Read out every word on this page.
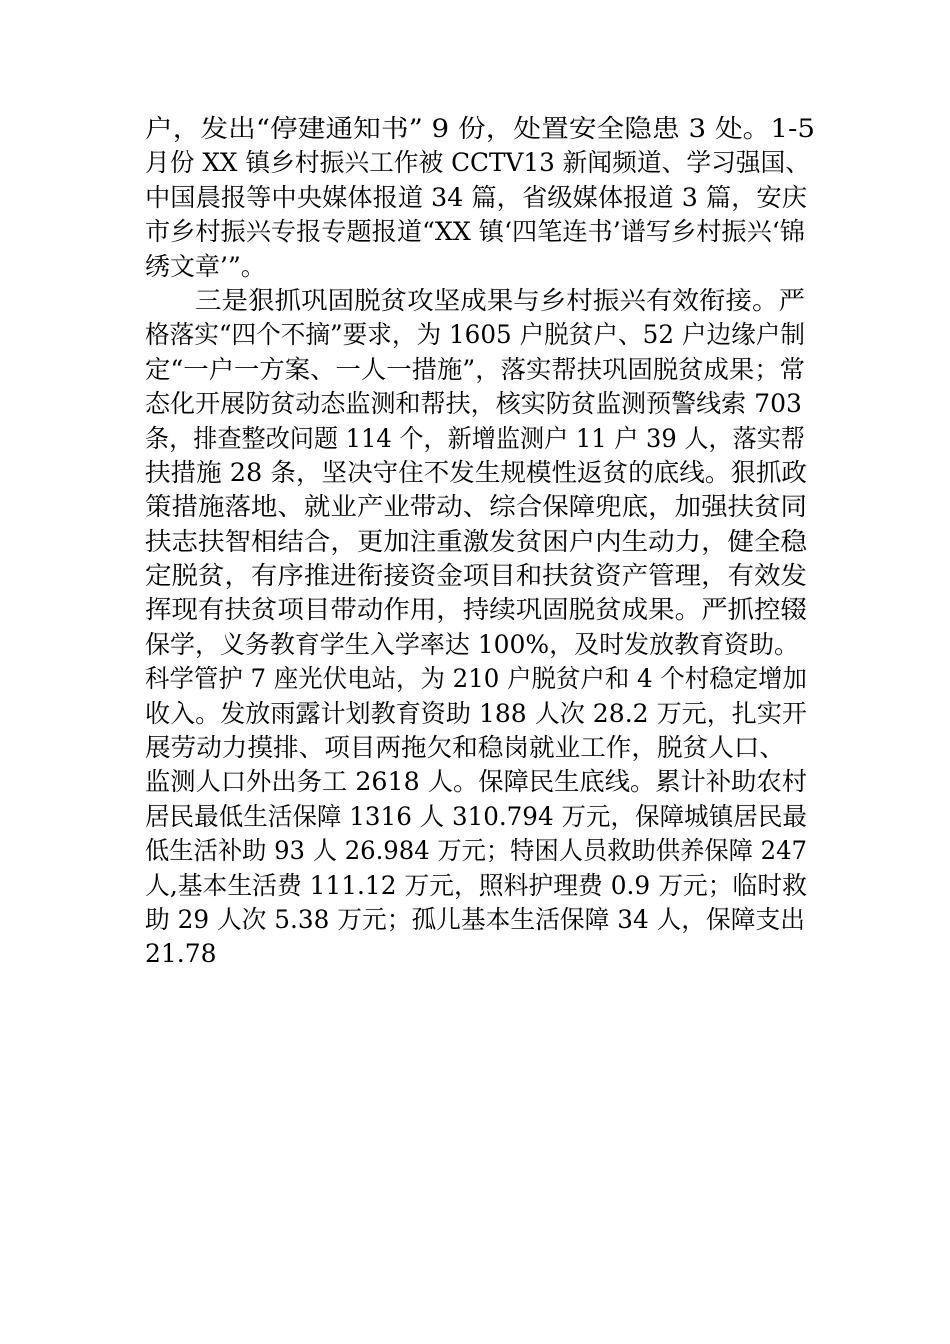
户，发出“停建通知书” 9 份，处置安全隐患 3 处。1-5
月份 XX 镇乡村振兴工作被 CCTV13 新闻频道、学习强国、
中国晨报等中央媒体报道 34 篇，省级媒体报道 3 篇，安庆
市乡村振兴专报专题报道“XX 镇‘四笔连书’谱写乡村振兴‘锦
绣文章’”。
三是狠抓巩固脱贫攻坚成果与乡村振兴有效衔接。严
格落实“四个不摘”要求，为 1605 户脱贫户、52 户边缘户制
定“一户一方案、一人一措施”，落实帮扶巩固脱贫成果；常
态化开展防贫动态监测和帮扶，核实防贫监测预警线索 703
条，排查整改问题 114 个，新增监测户 11 户 39 人，落实帮
扶措施 28 条，坚决守住不发生规模性返贫的底线。狠抓政
策措施落地、就业产业带动、综合保障兜底，加强扶贫同
扶志扶智相结合，更加注重激发贫困户内生动力，健全稳
定脱贫，有序推进衔接资金项目和扶贫资产管理，有效发
挥现有扶贫项目带动作用，持续巩固脱贫成果。严抓控辍
保学，义务教育学生入学率达 100%，及时发放教育资助。
科学管护 7 座光伏电站，为 210 户脱贫户和 4 个村稳定增加
收入。发放雨露计划教育资助 188 人次 28.2 万元，扎实开
展劳动力摸排、项目两拖欠和稳岗就业工作，脱贫人口、
监测人口外出务工 2618 人。保障民生底线。累计补助农村
居民最低生活保障 1316 人 310.794 万元，保障城镇居民最
低生活补助 93 人 26.984 万元；特困人员救助供养保障 247
人,基本生活费 111.12 万元，照料护理费 0.9 万元；临时救
助 29 人次 5.38 万元；孤儿基本生活保障 34 人，保障支出
21.78
